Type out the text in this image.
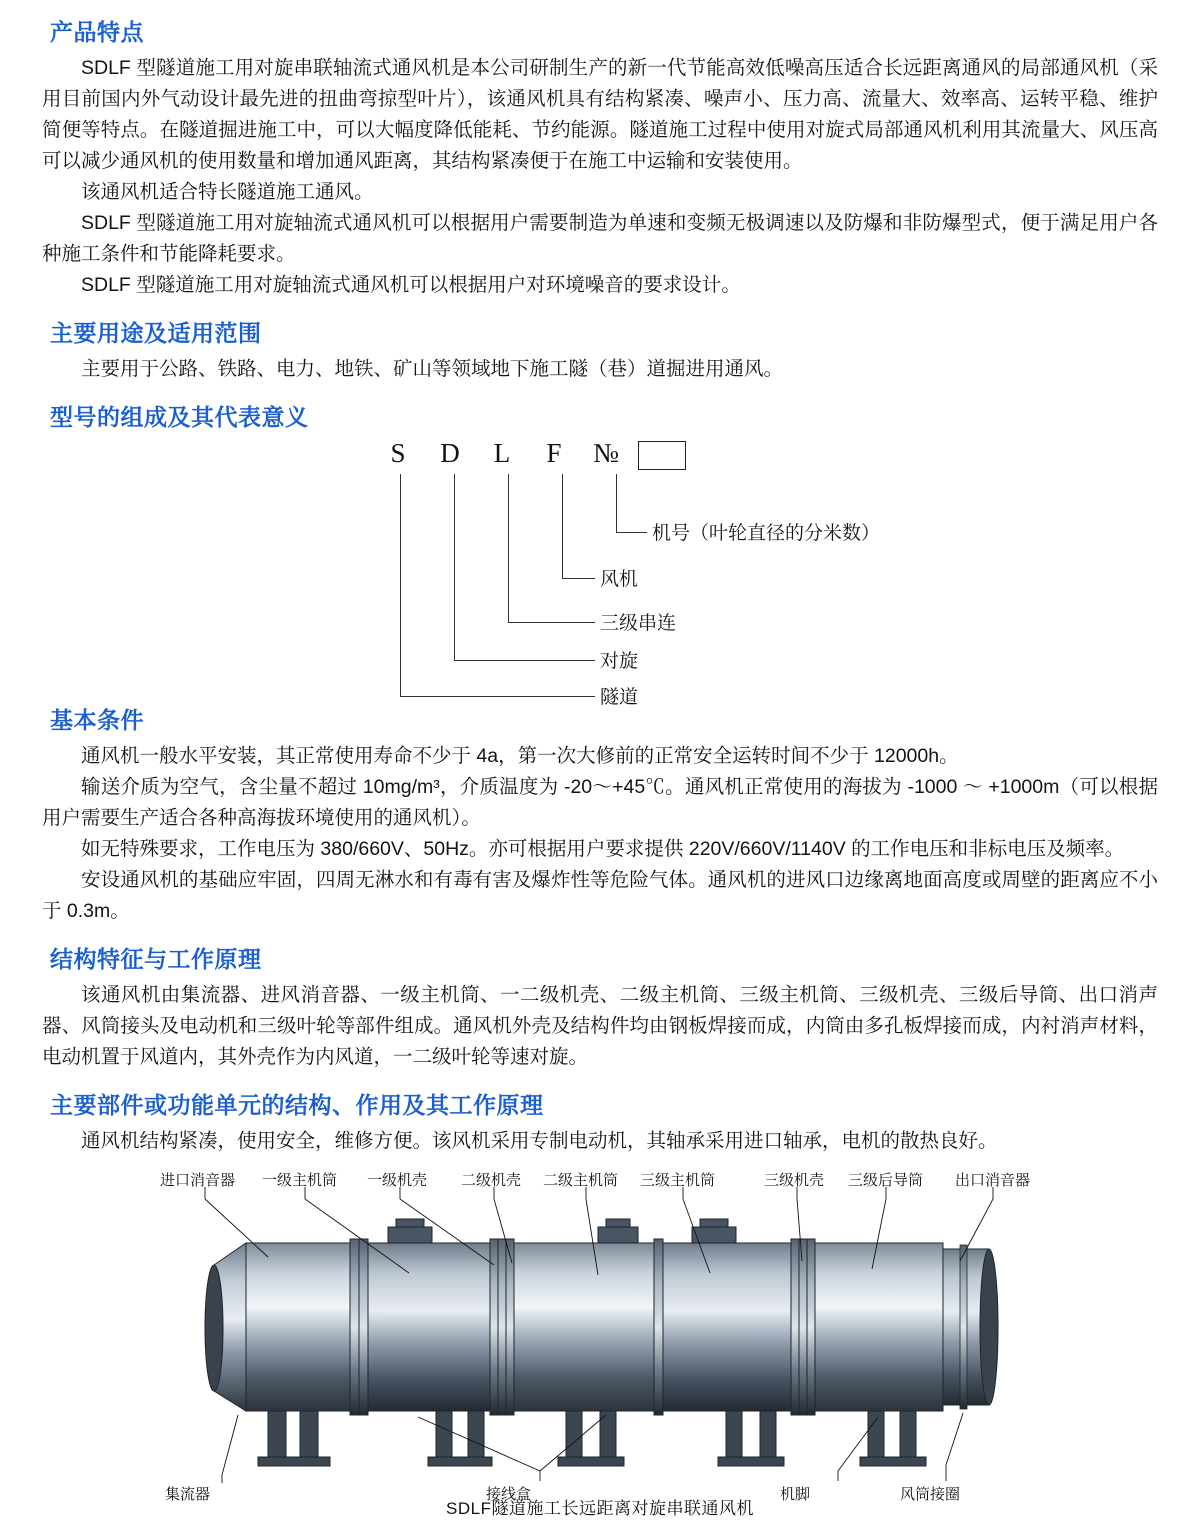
产品特点

SDLF 型隧道施工用对旋串联轴流式通风机是本公司研制生产的新一代节能高效低噪高压适合长远距离通风的局部通风机（采用目前国内外气动设计最先进的扭曲弯掠型叶片），该通风机具有结构紧凑、噪声小、压力高、流量大、效率高、运转平稳、维护简便等特点。在隧道掘进施工中，可以大幅度降低能耗、节约能源。隧道施工过程中使用对旋式局部通风机利用其流量大、风压高可以减少通风机的使用数量和增加通风距离，其结构紧凑便于在施工中运输和安装使用。

该通风机适合特长隧道施工通风。

SDLF 型隧道施工用对旋轴流式通风机可以根据用户需要制造为单速和变频无极调速以及防爆和非防爆型式，便于满足用户各种施工条件和节能降耗要求。

SDLF 型隧道施工用对旋轴流式通风机可以根据用户对环境噪音的要求设计。

主要用途及适用范围

主要用于公路、铁路、电力、地铁、矿山等领域地下施工隧（巷）道掘进用通风。

型号的组成及其代表意义
S D L F №
机号（叶轮直径的分米数）
风机
三级串连
对旋
隧道
基本条件

通风机一般水平安装，其正常使用寿命不少于 4a，第一次大修前的正常安全运转时间不少于 12000h。

输送介质为空气，含尘量不超过 10mg/m³，介质温度为 -20～+45℃。通风机正常使用的海拔为 -1000 ～ +1000m（可以根据用户需要生产适合各种高海拔环境使用的通风机）。

如无特殊要求，工作电压为 380/660V、50Hz。亦可根据用户要求提供 220V/660V/1140V 的工作电压和非标电压及频率。

安设通风机的基础应牢固，四周无淋水和有毒有害及爆炸性等危险气体。通风机的进风口边缘离地面高度或周壁的距离应不小于 0.3m。

结构特征与工作原理

该通风机由集流器、进风消音器、一级主机筒、一二级机壳、二级主机筒、三级主机筒、三级机壳、三级后导筒、出口消声器、风筒接头及电动机和三级叶轮等部件组成。通风机外壳及结构件均由钢板焊接而成，内筒由多孔板焊接而成，内衬消声材料，电动机置于风道内，其外壳作为内风道，一二级叶轮等速对旋。

主要部件或功能单元的结构、作用及其工作原理

通风机结构紧凑，使用安全，维修方便。该风机采用专制电动机，其轴承采用进口轴承，电机的散热良好。

进口消音器 一级主机筒 一级机壳 二级机壳 二级主机筒 三级主机筒	三级机壳 三级后导筒 出口消音器
集流器	接线盒	机脚	风筒接圈
SDLF隧道施工长远距离对旋串联通风机
